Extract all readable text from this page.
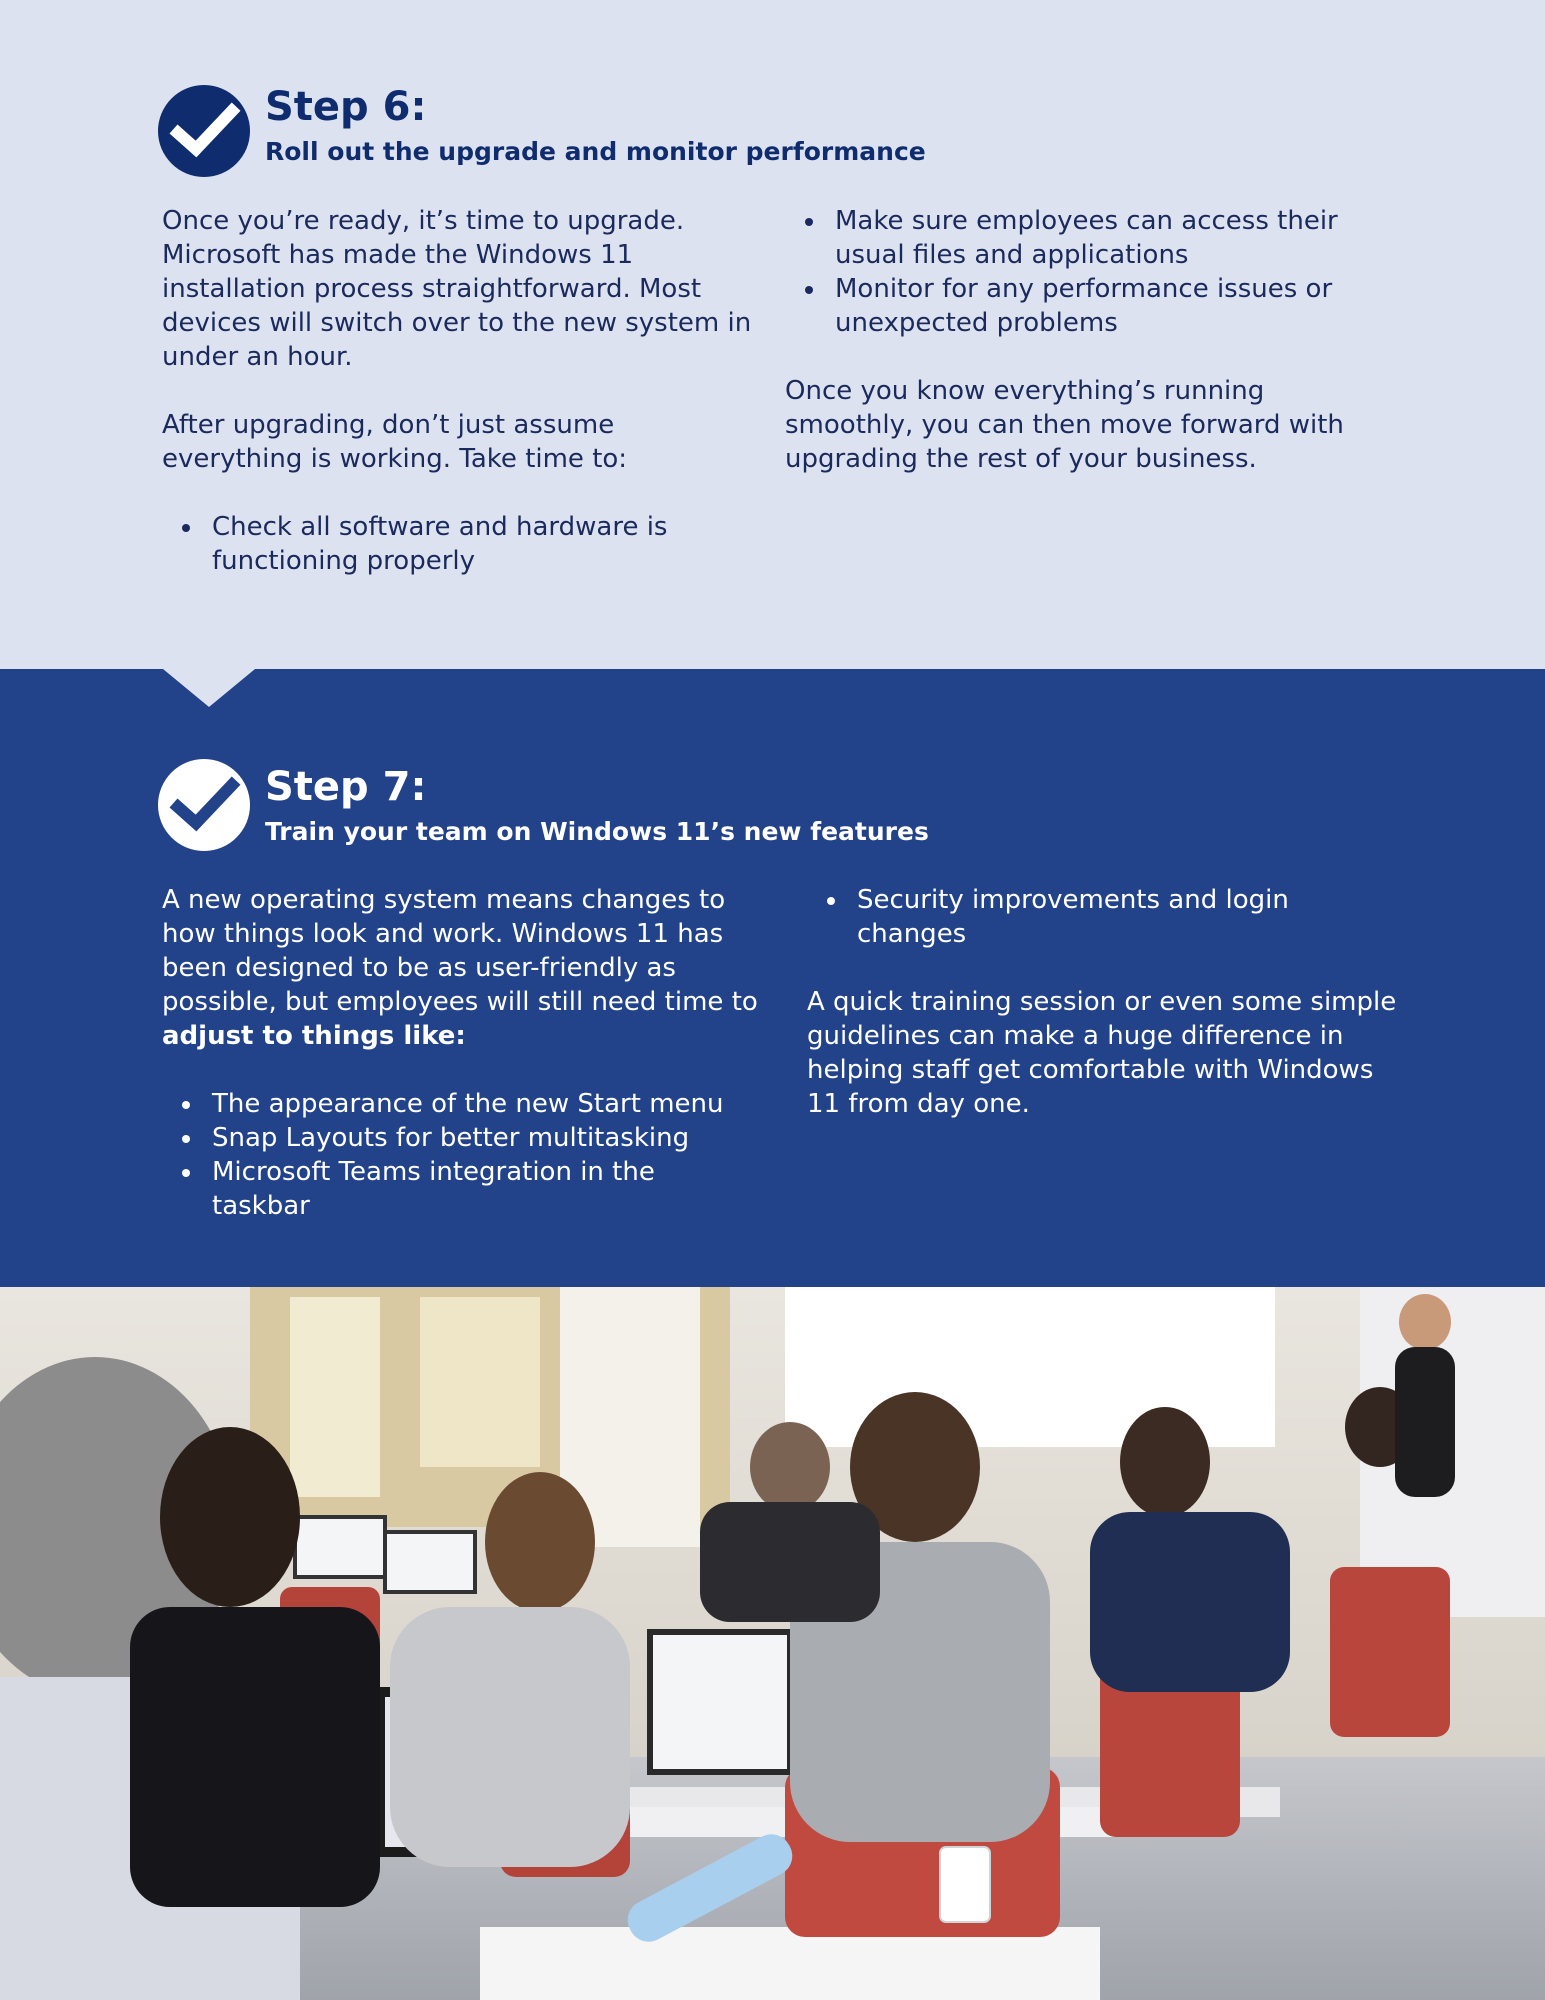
Step 6:
Roll out the upgrade and monitor performance

Once you’re ready, it’s time to upgrade. Microsoft has made the Windows 11 installation process straightforward. Most devices will switch over to the new system in under an hour.

After upgrading, don’t just assume everything is working. Take time to:

Check all software and hardware is functioning properly
Make sure employees can access their usual files and applications
Monitor for any performance issues or unexpected problems

Once you know everything’s running smoothly, you can then move forward with upgrading the rest of your business.

Step 7:
Train your team on Windows 11’s new features

A new operating system means changes to how things look and work. Windows 11 has been designed to be as user-friendly as possible, but employees will still need time to adjust to things like:

The appearance of the new Start menu
Snap Layouts for better multitasking
Microsoft Teams integration in the taskbar
Security improvements and login changes

A quick training session or even some simple guidelines can make a huge difference in helping staff get comfortable with Windows 11 from day one.
